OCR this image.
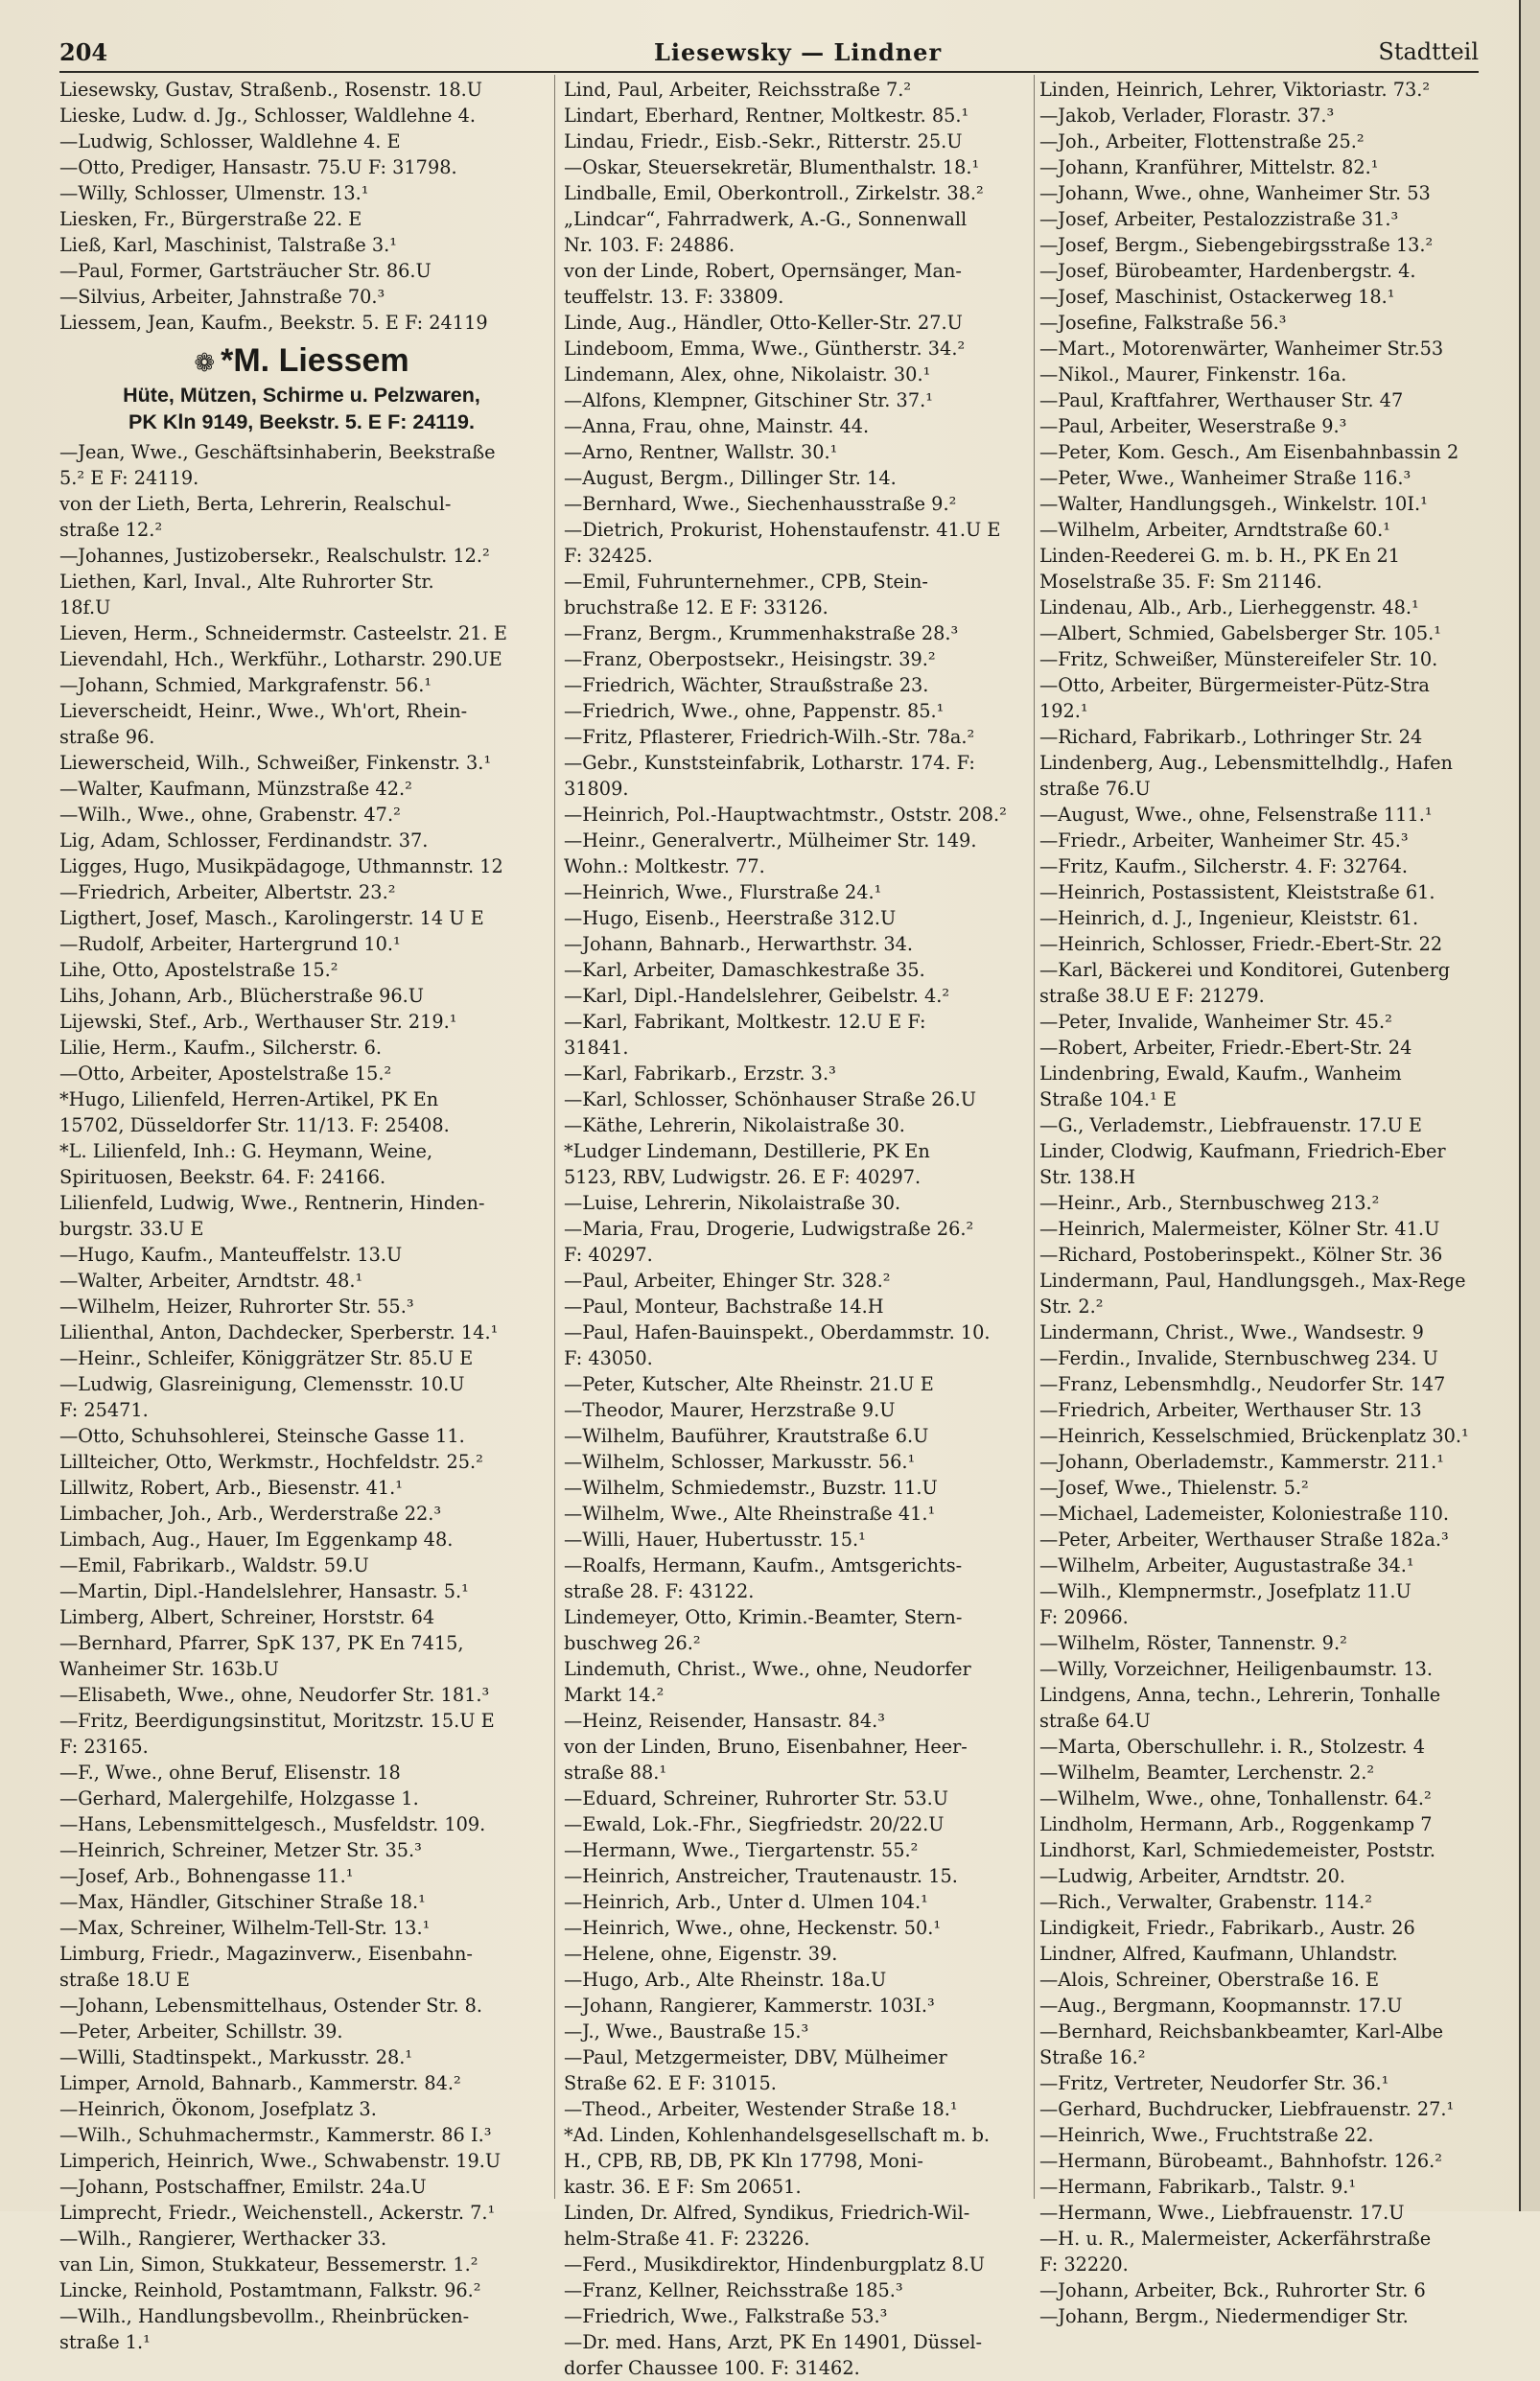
204	Liesewsky — Lindner	Stadtteil
Liesewsky, Gustav, Straßenb., Rosenstr. 18.U
Lieske, Ludw. d. Jg., Schlosser, Waldlehne 4.
—Ludwig, Schlosser, Waldlehne 4. E
—Otto, Prediger, Hansastr. 75.U F: 31798.
—Willy, Schlosser, Ulmenstr. 13.¹
Liesken, Fr., Bürgerstraße 22. E
Ließ, Karl, Maschinist, Talstraße 3.¹
—Paul, Former, Gartsträucher Str. 86.U
—Silvius, Arbeiter, Jahnstraße 70.³
Liessem, Jean, Kaufm., Beekstr. 5. E F: 24119
❁ *M. Liessem
Hüte, Mützen, Schirme u. Pelzwaren,
PK Kln 9149, Beekstr. 5. E F: 24119.
—Jean, Wwe., Geschäftsinhaberin, Beekstraße
5.² E F: 24119.
von der Lieth, Berta, Lehrerin, Realschul-
straße 12.²
—Johannes, Justizobersekr., Realschulstr. 12.²
Liethen, Karl, Inval., Alte Ruhrorter Str.
18f.U
Lieven, Herm., Schneidermstr. Casteelstr. 21. E
Lievendahl, Hch., Werkführ., Lotharstr. 290.UE
—Johann, Schmied, Markgrafenstr. 56.¹
Lieverscheidt, Heinr., Wwe., Wh'ort, Rhein-
straße 96.
Liewerscheid, Wilh., Schweißer, Finkenstr. 3.¹
—Walter, Kaufmann, Münzstraße 42.²
—Wilh., Wwe., ohne, Grabenstr. 47.²
Lig, Adam, Schlosser, Ferdinandstr. 37.
Ligges, Hugo, Musikpädagoge, Uthmannstr. 12
—Friedrich, Arbeiter, Albertstr. 23.²
Ligthert, Josef, Masch., Karolingerstr. 14 U E
—Rudolf, Arbeiter, Hartergrund 10.¹
Lihe, Otto, Apostelstraße 15.²
Lihs, Johann, Arb., Blücherstraße 96.U
Lijewski, Stef., Arb., Werthauser Str. 219.¹
Lilie, Herm., Kaufm., Silcherstr. 6.
—Otto, Arbeiter, Apostelstraße 15.²
*Hugo, Lilienfeld, Herren-Artikel, PK En
15702, Düsseldorfer Str. 11/13. F: 25408.
*L. Lilienfeld, Inh.: G. Heymann, Weine,
Spirituosen, Beekstr. 64. F: 24166.
Lilienfeld, Ludwig, Wwe., Rentnerin, Hinden-
burgstr. 33.U E
—Hugo, Kaufm., Manteuffelstr. 13.U
—Walter, Arbeiter, Arndtstr. 48.¹
—Wilhelm, Heizer, Ruhrorter Str. 55.³
Lilienthal, Anton, Dachdecker, Sperberstr. 14.¹
—Heinr., Schleifer, Königgrätzer Str. 85.U E
—Ludwig, Glasreinigung, Clemensstr. 10.U
F: 25471.
—Otto, Schuhsohlerei, Steinsche Gasse 11.
Lillteicher, Otto, Werkmstr., Hochfeldstr. 25.²
Lillwitz, Robert, Arb., Biesenstr. 41.¹
Limbacher, Joh., Arb., Werderstraße 22.³
Limbach, Aug., Hauer, Im Eggenkamp 48.
—Emil, Fabrikarb., Waldstr. 59.U
—Martin, Dipl.-Handelslehrer, Hansastr. 5.¹
Limberg, Albert, Schreiner, Horststr. 64
—Bernhard, Pfarrer, SpK 137, PK En 7415,
Wanheimer Str. 163b.U
—Elisabeth, Wwe., ohne, Neudorfer Str. 181.³
—Fritz, Beerdigungsinstitut, Moritzstr. 15.U E
F: 23165.
—F., Wwe., ohne Beruf, Elisenstr. 18
—Gerhard, Malergehilfe, Holzgasse 1.
—Hans, Lebensmittelgesch., Musfeldstr. 109.
—Heinrich, Schreiner, Metzer Str. 35.³
—Josef, Arb., Bohnengasse 11.¹
—Max, Händler, Gitschiner Straße 18.¹
—Max, Schreiner, Wilhelm-Tell-Str. 13.¹
Limburg, Friedr., Magazinverw., Eisenbahn-
straße 18.U E
—Johann, Lebensmittelhaus, Ostender Str. 8.
—Peter, Arbeiter, Schillstr. 39.
—Willi, Stadtinspekt., Markusstr. 28.¹
Limper, Arnold, Bahnarb., Kammerstr. 84.²
—Heinrich, Ökonom, Josefplatz 3.
—Wilh., Schuhmachermstr., Kammerstr. 86 I.³
Limperich, Heinrich, Wwe., Schwabenstr. 19.U
—Johann, Postschaffner, Emilstr. 24a.U
Limprecht, Friedr., Weichenstell., Ackerstr. 7.¹
—Wilh., Rangierer, Werthacker 33.
van Lin, Simon, Stukkateur, Bessemerstr. 1.²
Lincke, Reinhold, Postamtmann, Falkstr. 96.²
—Wilh., Handlungsbevollm., Rheinbrücken-
straße 1.¹
Lind, Paul, Arbeiter, Reichsstraße 7.²
Lindart, Eberhard, Rentner, Moltkestr. 85.¹
Lindau, Friedr., Eisb.-Sekr., Ritterstr. 25.U
—Oskar, Steuersekretär, Blumenthalstr. 18.¹
Lindballe, Emil, Oberkontroll., Zirkelstr. 38.²
„Lindcar“, Fahrradwerk, A.-G., Sonnenwall
Nr. 103. F: 24886.
von der Linde, Robert, Opernsänger, Man-
teuffelstr. 13. F: 33809.
Linde, Aug., Händler, Otto-Keller-Str. 27.U
Lindeboom, Emma, Wwe., Güntherstr. 34.²
Lindemann, Alex, ohne, Nikolaistr. 30.¹
—Alfons, Klempner, Gitschiner Str. 37.¹
—Anna, Frau, ohne, Mainstr. 44.
—Arno, Rentner, Wallstr. 30.¹
—August, Bergm., Dillinger Str. 14.
—Bernhard, Wwe., Siechenhausstraße 9.²
—Dietrich, Prokurist, Hohenstaufenstr. 41.U E
F: 32425.
—Emil, Fuhrunternehmer., CPB, Stein-
bruchstraße 12. E F: 33126.
—Franz, Bergm., Krummenhakstraße 28.³
—Franz, Oberpostsekr., Heisingstr. 39.²
—Friedrich, Wächter, Straußstraße 23.
—Friedrich, Wwe., ohne, Pappenstr. 85.¹
—Fritz, Pflasterer, Friedrich-Wilh.-Str. 78a.²
—Gebr., Kunststeinfabrik, Lotharstr. 174. F:
31809.
—Heinrich, Pol.-Hauptwachtmstr., Oststr. 208.²
—Heinr., Generalvertr., Mülheimer Str. 149.
Wohn.: Moltkestr. 77.
—Heinrich, Wwe., Flurstraße 24.¹
—Hugo, Eisenb., Heerstraße 312.U
—Johann, Bahnarb., Herwarthstr. 34.
—Karl, Arbeiter, Damaschkestraße 35.
—Karl, Dipl.-Handelslehrer, Geibelstr. 4.²
—Karl, Fabrikant, Moltkestr. 12.U E F:
31841.
—Karl, Fabrikarb., Erzstr. 3.³
—Karl, Schlosser, Schönhauser Straße 26.U
—Käthe, Lehrerin, Nikolaistraße 30.
*Ludger Lindemann, Destillerie, PK En
5123, RBV, Ludwigstr. 26. E F: 40297.
—Luise, Lehrerin, Nikolaistraße 30.
—Maria, Frau, Drogerie, Ludwigstraße 26.²
F: 40297.
—Paul, Arbeiter, Ehinger Str. 328.²
—Paul, Monteur, Bachstraße 14.H
—Paul, Hafen-Bauinspekt., Oberdammstr. 10.
F: 43050.
—Peter, Kutscher, Alte Rheinstr. 21.U E
—Theodor, Maurer, Herzstraße 9.U
—Wilhelm, Bauführer, Krautstraße 6.U
—Wilhelm, Schlosser, Markusstr. 56.¹
—Wilhelm, Schmiedemstr., Buzstr. 11.U
—Wilhelm, Wwe., Alte Rheinstraße 41.¹
—Willi, Hauer, Hubertusstr. 15.¹
—Roalfs, Hermann, Kaufm., Amtsgerichts-
straße 28. F: 43122.
Lindemeyer, Otto, Krimin.-Beamter, Stern-
buschweg 26.²
Lindemuth, Christ., Wwe., ohne, Neudorfer
Markt 14.²
—Heinz, Reisender, Hansastr. 84.³
von der Linden, Bruno, Eisenbahner, Heer-
straße 88.¹
—Eduard, Schreiner, Ruhrorter Str. 53.U
—Ewald, Lok.-Fhr., Siegfriedstr. 20/22.U
—Hermann, Wwe., Tiergartenstr. 55.²
—Heinrich, Anstreicher, Trautenaustr. 15.
—Heinrich, Arb., Unter d. Ulmen 104.¹
—Heinrich, Wwe., ohne, Heckenstr. 50.¹
—Helene, ohne, Eigenstr. 39.
—Hugo, Arb., Alte Rheinstr. 18a.U
—Johann, Rangierer, Kammerstr. 103I.³
—J., Wwe., Baustraße 15.³
—Paul, Metzgermeister, DBV, Mülheimer
Straße 62. E F: 31015.
—Theod., Arbeiter, Westender Straße 18.¹
*Ad. Linden, Kohlenhandelsgesellschaft m. b.
H., CPB, RB, DB, PK Kln 17798, Moni-
kastr. 36. E F: Sm 20651.
Linden, Dr. Alfred, Syndikus, Friedrich-Wil-
helm-Straße 41. F: 23226.
—Ferd., Musikdirektor, Hindenburgplatz 8.U
—Franz, Kellner, Reichsstraße 185.³
—Friedrich, Wwe., Falkstraße 53.³
—Dr. med. Hans, Arzt, PK En 14901, Düssel-
dorfer Chaussee 100. F: 31462.
Linden, Heinrich, Lehrer, Viktoriastr. 73.²
—Jakob, Verlader, Florastr. 37.³
—Joh., Arbeiter, Flottenstraße 25.²
—Johann, Kranführer, Mittelstr. 82.¹
—Johann, Wwe., ohne, Wanheimer Str. 53
—Josef, Arbeiter, Pestalozzistraße 31.³
—Josef, Bergm., Siebengebirgsstraße 13.²
—Josef, Bürobeamter, Hardenbergstr. 4.
—Josef, Maschinist, Ostackerweg 18.¹
—Josefine, Falkstraße 56.³
—Mart., Motorenwärter, Wanheimer Str.53
—Nikol., Maurer, Finkenstr. 16a.
—Paul, Kraftfahrer, Werthauser Str. 47
—Paul, Arbeiter, Weserstraße 9.³
—Peter, Kom. Gesch., Am Eisenbahnbassin 2
—Peter, Wwe., Wanheimer Straße 116.³
—Walter, Handlungsgeh., Winkelstr. 10I.¹
—Wilhelm, Arbeiter, Arndtstraße 60.¹
Linden-Reederei G. m. b. H., PK En 21
Moselstraße 35. F: Sm 21146.
Lindenau, Alb., Arb., Lierheggenstr. 48.¹
—Albert, Schmied, Gabelsberger Str. 105.¹
—Fritz, Schweißer, Münstereifeler Str. 10.
—Otto, Arbeiter, Bürgermeister-Pütz-Stra
192.¹
—Richard, Fabrikarb., Lothringer Str. 24
Lindenberg, Aug., Lebensmittelhdlg., Hafen
straße 76.U
—August, Wwe., ohne, Felsenstraße 111.¹
—Friedr., Arbeiter, Wanheimer Str. 45.³
—Fritz, Kaufm., Silcherstr. 4. F: 32764.
—Heinrich, Postassistent, Kleiststraße 61.
—Heinrich, d. J., Ingenieur, Kleiststr. 61.
—Heinrich, Schlosser, Friedr.-Ebert-Str. 22
—Karl, Bäckerei und Konditorei, Gutenberg
straße 38.U E F: 21279.
—Peter, Invalide, Wanheimer Str. 45.²
—Robert, Arbeiter, Friedr.-Ebert-Str. 24
Lindenbring, Ewald, Kaufm., Wanheim
Straße 104.¹ E
—G., Verlademstr., Liebfrauenstr. 17.U E
Linder, Clodwig, Kaufmann, Friedrich-Eber
Str. 138.H
—Heinr., Arb., Sternbuschweg 213.²
—Heinrich, Malermeister, Kölner Str. 41.U
—Richard, Postoberinspekt., Kölner Str. 36
Lindermann, Paul, Handlungsgeh., Max-Rege
Str. 2.²
Lindermann, Christ., Wwe., Wandsestr. 9
—Ferdin., Invalide, Sternbuschweg 234. U
—Franz, Lebensmhdlg., Neudorfer Str. 147
—Friedrich, Arbeiter, Werthauser Str. 13
—Heinrich, Kesselschmied, Brückenplatz 30.¹
—Johann, Oberlademstr., Kammerstr. 211.¹
—Josef, Wwe., Thielenstr. 5.²
—Michael, Lademeister, Koloniestraße 110.
—Peter, Arbeiter, Werthauser Straße 182a.³
—Wilhelm, Arbeiter, Augustastraße 34.¹
—Wilh., Klempnermstr., Josefplatz 11.U
F: 20966.
—Wilhelm, Röster, Tannenstr. 9.²
—Willy, Vorzeichner, Heiligenbaumstr. 13.
Lindgens, Anna, techn., Lehrerin, Tonhalle
straße 64.U
—Marta, Oberschullehr. i. R., Stolzestr. 4
—Wilhelm, Beamter, Lerchenstr. 2.²
—Wilhelm, Wwe., ohne, Tonhallenstr. 64.²
Lindholm, Hermann, Arb., Roggenkamp 7
Lindhorst, Karl, Schmiedemeister, Poststr.
—Ludwig, Arbeiter, Arndtstr. 20.
—Rich., Verwalter, Grabenstr. 114.²
Lindigkeit, Friedr., Fabrikarb., Austr. 26
Lindner, Alfred, Kaufmann, Uhlandstr.
—Alois, Schreiner, Oberstraße 16. E
—Aug., Bergmann, Koopmannstr. 17.U
—Bernhard, Reichsbankbeamter, Karl-Albe
Straße 16.²
—Fritz, Vertreter, Neudorfer Str. 36.¹
—Gerhard, Buchdrucker, Liebfrauenstr. 27.¹
—Heinrich, Wwe., Fruchtstraße 22.
—Hermann, Bürobeamt., Bahnhofstr. 126.²
—Hermann, Fabrikarb., Talstr. 9.¹
—Hermann, Wwe., Liebfrauenstr. 17.U
—H. u. R., Malermeister, Ackerfährstraße
F: 32220.
—Johann, Arbeiter, Bck., Ruhrorter Str. 6
—Johann, Bergm., Niedermendiger Str.
